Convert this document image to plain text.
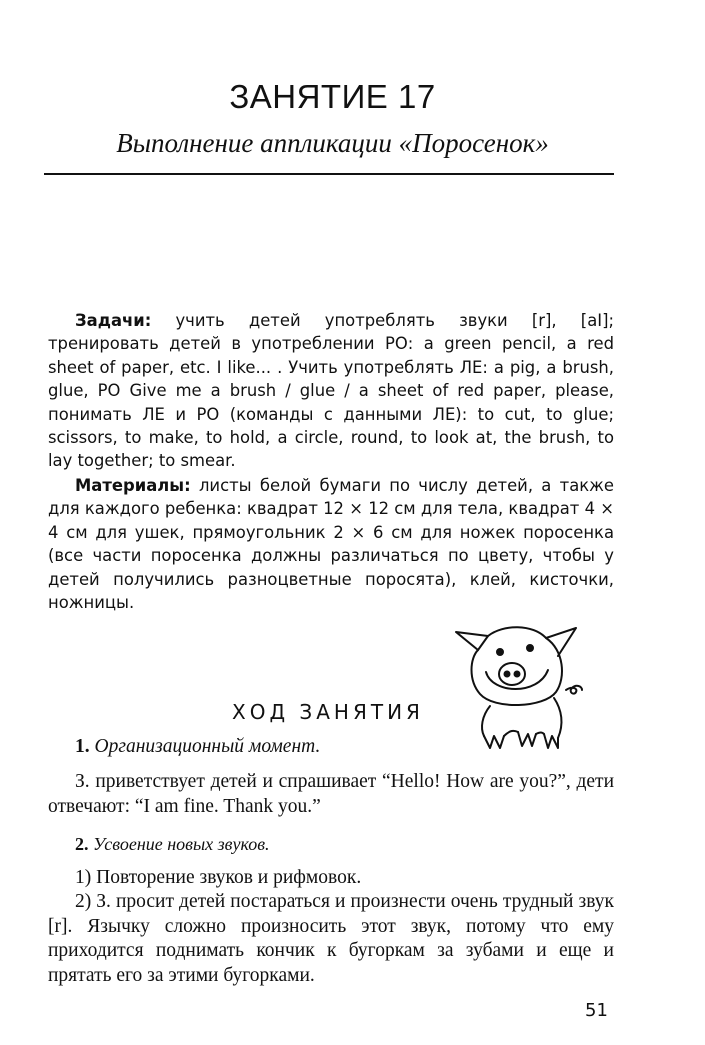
ЗАНЯТИЕ 17
Выполнение аппликации «Поросенок»
Задачи: учить детей употреблять звуки [r], [aI]; тренировать детей в употреблении РО: a green pencil, a red sheet of paper, etc. I like... . Учить употреблять ЛЕ: a pig, a brush, glue, PO Give me a brush / glue / a sheet of red paper, please, понимать ЛЕ и РО (команды с данными ЛЕ): to cut, to glue; scissors, to make, to hold, a circle, round, to look at, the brush, to lay together; to smear.
Материалы: листы белой бумаги по числу детей, а также для каждого ребенка: квадрат 12 × 12 см для тела, квадрат 4 × 4 см для ушек, прямоугольник 2 × 6 см для ножек поросенка (все части поросенка должны различаться по цвету, чтобы у детей получились разноцветные поросята), клей, кисточки, ножницы.
ХОД ЗАНЯТИЯ
1. Организационный момент.
З. приветствует детей и спрашивает “Hello! How are you?”, дети отвечают: “I am fine. Thank you.”
2. Усвоение новых звуков.
1) Повторение звуков и рифмовок.
2) З. просит детей постараться и произнести очень трудный звук [r]. Язычку сложно произносить этот звук, потому что ему приходится поднимать кончик к бугоркам за зубами и еще и прятать его за этими бугорками.
51
